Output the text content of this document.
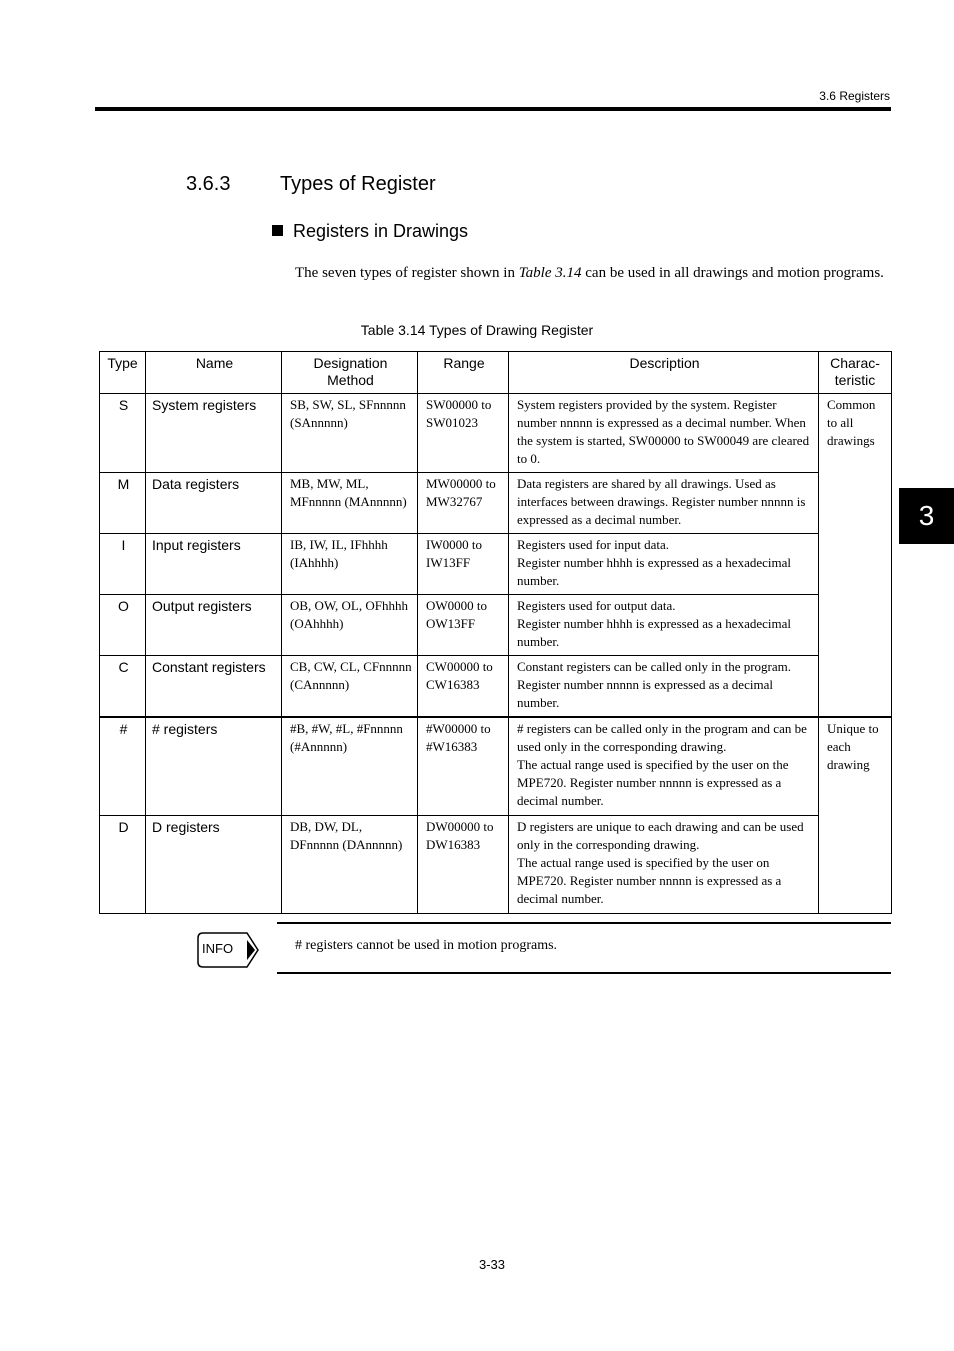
3.6 Registers
3.6.3 Types of Register
Registers in Drawings
The seven types of register shown in Table 3.14 can be used in all drawings and motion programs.
Table 3.14 Types of Drawing Register
Type	Name	Designation Method	Range	Description	Charac-teristic
S	System registers	SB, SW, SL, SFnnnnn (SAnnnnn)	SW00000 to SW01023	System registers provided by the system. Register number nnnnn is expressed as a decimal number. When the system is started, SW00000 to SW00049 are cleared to 0.	Common to all drawings
M	Data registers	MB, MW, ML, MFnnnnn (MAnnnnn)	MW00000 to MW32767	Data registers are shared by all drawings. Used as interfaces between drawings. Register number nnnnn is expressed as a decimal number.	

I	Input registers	IB, IW, IL, IFhhhh (IAhhhh)	IW0000 to IW13FF	Registers used for input data.
Register number hhhh is expressed as a hexadecimal number.	

O	Output registers	OB, OW, OL, OFhhhh (OAhhhh)	OW0000 to OW13FF	Registers used for output data.
Register number hhhh is expressed as a hexadecimal number.	

C	Constant registers	CB, CW, CL, CFnnnnn (CAnnnnn)	CW00000 to CW16383	Constant registers can be called only in the program. Register number nnnnn is expressed as a decimal number.	

#	# registers	#B, #W, #L, #Fnnnnn (#Annnnn)	#W00000 to #W16383	# registers can be called only in the program and can be used only in the corresponding drawing.
The actual range used is specified by the user on the MPE720. Register number nnnnn is expressed as a decimal number.	Unique to each drawing
D	D registers	DB, DW, DL, DFnnnnn (DAnnnnn)	DW00000 to DW16383	D registers are unique to each drawing and can be used only in the corresponding drawing.
The actual range used is specified by the user on MPE720. Register number nnnnn is expressed as a decimal number.	
INFO	# registers cannot be used in motion programs.
3
3-33
